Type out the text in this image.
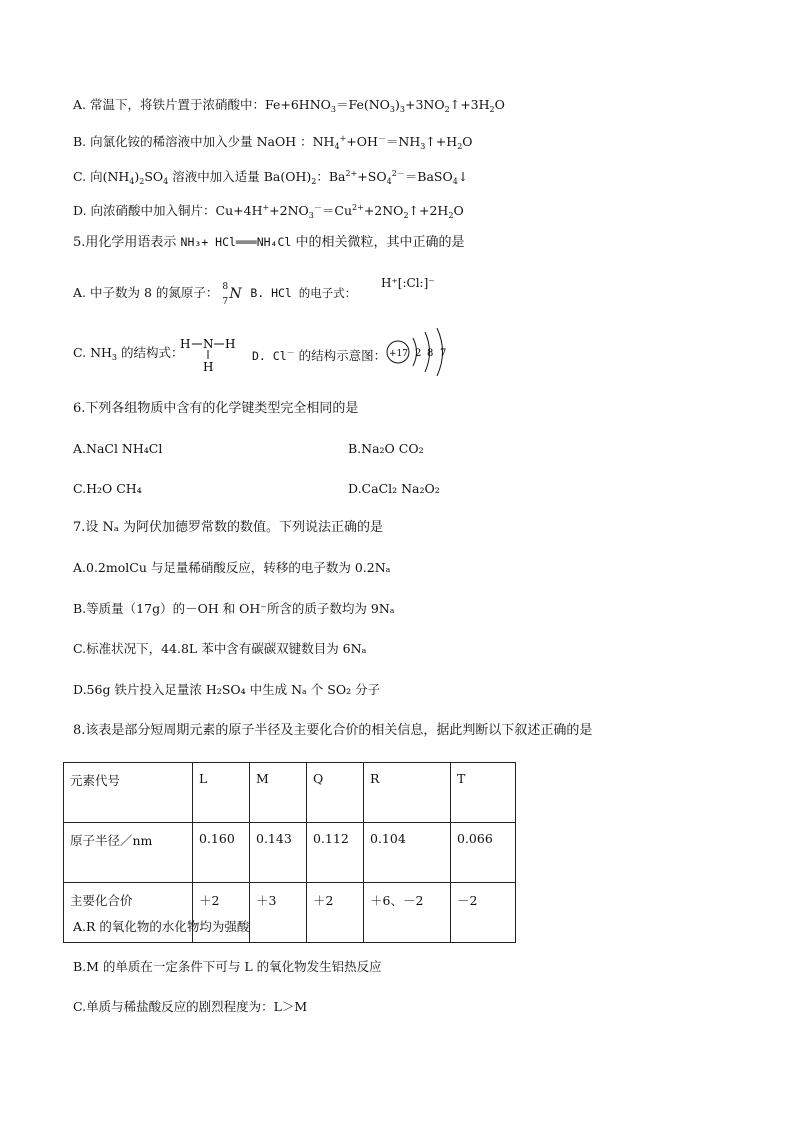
A. 常温下，将铁片置于浓硝酸中：$Fe+6HNO_3=Fe(NO_3)_3+3NO_2↑+3H_2O$
B. 向氯化铵的稀溶液中加入少量 NaOH ：$NH_4^++OH^-=NH_3↑+H_2O$
C. 向$(NH_4)_2SO_4$ 溶液中加入适量 $Ba(OH)_2$：$Ba^{2+}+SO_4^{2-}=BaSO_4↓$
D. 向浓硝酸中加入铜片：$Cu+4H^++2NO_3^-=Cu^{2+}+2NO_2↑+2H_2O$
5.用化学用语表示 NH₃+ HCl═══NH₄Cl 中的相关微粒，其中正确的是
A. 中子数为 8 的氮原子： 8
7 N B. HCl 的电子式：
H⁺[:Cl:]⁻
C. $NH_3$ 的结构式：
H N H
H
D. Cl－ 的结构示意图： +17 2 8 7
6.下列各组物质中含有的化学键类型完全相同的是
A.NaCl NH₄Cl	B.Na₂O CO₂
C.H₂O CH₄	D.CaCl₂ Na₂O₂
7.设 Nₐ 为阿伏加德罗常数的数值。下列说法正确的是
A.0.2molCu 与足量稀硝酸反应，转移的电子数为 0.2Nₐ
B.等质量（17g）的－OH 和 OH⁻所含的质子数均为 9Nₐ
C.标准状况下，44.8L 苯中含有碳碳双键数目为 6Nₐ
D.56g 铁片投入足量浓 H₂SO₄ 中生成 Nₐ 个 SO₂ 分子
8.该表是部分短周期元素的原子半径及主要化合价的相关信息，据此判断以下叙述正确的是
元素代号	L	M	Q	R	T
原子半径／nm	0.160	0.143	0.112	0.104	0.066
主要化合价	＋2	＋3	＋2	＋6、－2	－2
A.R 的氧化物的水化物均为强酸
B.M 的单质在一定条件下可与 L 的氧化物发生铝热反应
C.单质与稀盐酸反应的剧烈程度为：L＞M
